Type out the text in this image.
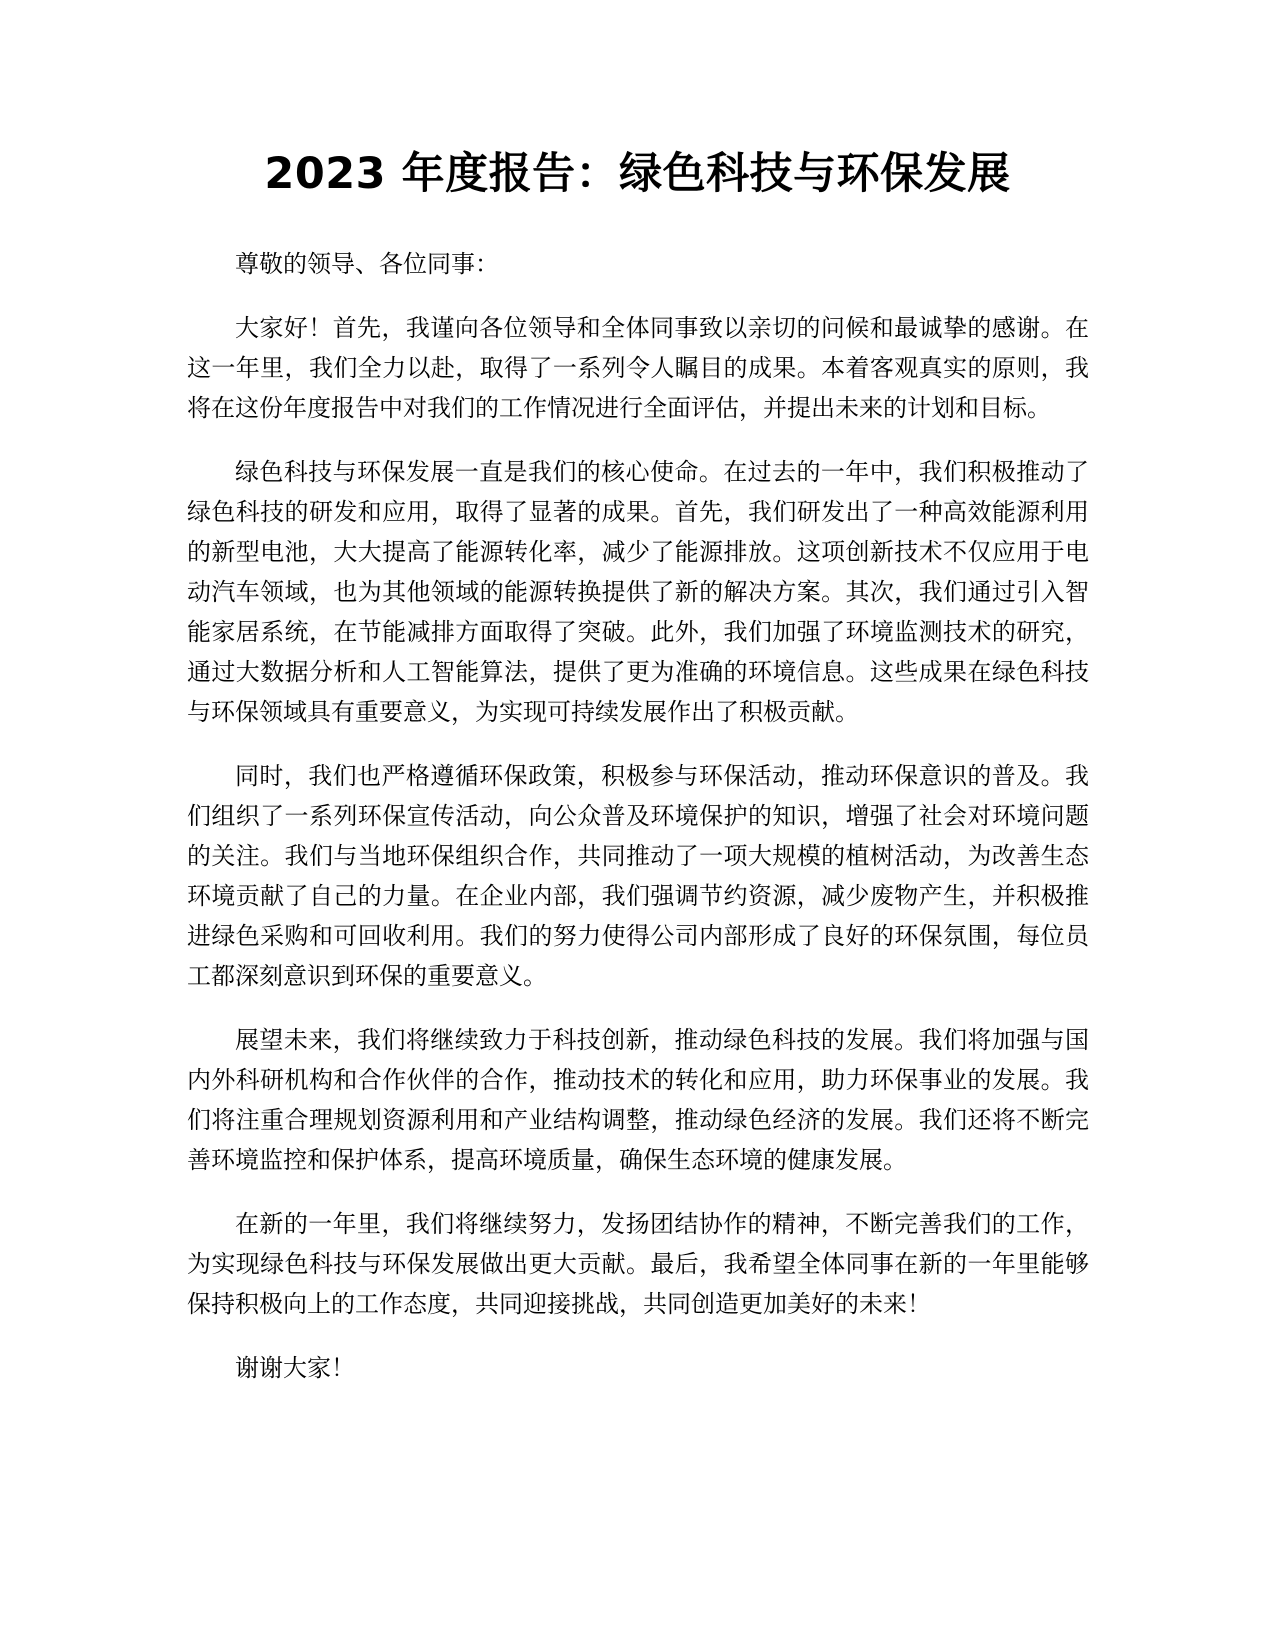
2023 年度报告：绿色科技与环保发展

尊敬的领导、各位同事：

大家好！首先，我谨向各位领导和全体同事致以亲切的问候和最诚挚的感谢。在这一年里，我们全力以赴，取得了一系列令人瞩目的成果。本着客观真实的原则，我将在这份年度报告中对我们的工作情况进行全面评估，并提出未来的计划和目标。

绿色科技与环保发展一直是我们的核心使命。在过去的一年中，我们积极推动了绿色科技的研发和应用，取得了显著的成果。首先，我们研发出了一种高效能源利用的新型电池，大大提高了能源转化率，减少了能源排放。这项创新技术不仅应用于电动汽车领域，也为其他领域的能源转换提供了新的解决方案。其次，我们通过引入智能家居系统，在节能减排方面取得了突破。此外，我们加强了环境监测技术的研究，通过大数据分析和人工智能算法，提供了更为准确的环境信息。这些成果在绿色科技与环保领域具有重要意义，为实现可持续发展作出了积极贡献。

同时，我们也严格遵循环保政策，积极参与环保活动，推动环保意识的普及。我们组织了一系列环保宣传活动，向公众普及环境保护的知识，增强了社会对环境问题的关注。我们与当地环保组织合作，共同推动了一项大规模的植树活动，为改善生态环境贡献了自己的力量。在企业内部，我们强调节约资源，减少废物产生，并积极推进绿色采购和可回收利用。我们的努力使得公司内部形成了良好的环保氛围，每位员工都深刻意识到环保的重要意义。

展望未来，我们将继续致力于科技创新，推动绿色科技的发展。我们将加强与国内外科研机构和合作伙伴的合作，推动技术的转化和应用，助力环保事业的发展。我们将注重合理规划资源利用和产业结构调整，推动绿色经济的发展。我们还将不断完善环境监控和保护体系，提高环境质量，确保生态环境的健康发展。

在新的一年里，我们将继续努力，发扬团结协作的精神，不断完善我们的工作，为实现绿色科技与环保发展做出更大贡献。最后，我希望全体同事在新的一年里能够保持积极向上的工作态度，共同迎接挑战，共同创造更加美好的未来！

谢谢大家！
